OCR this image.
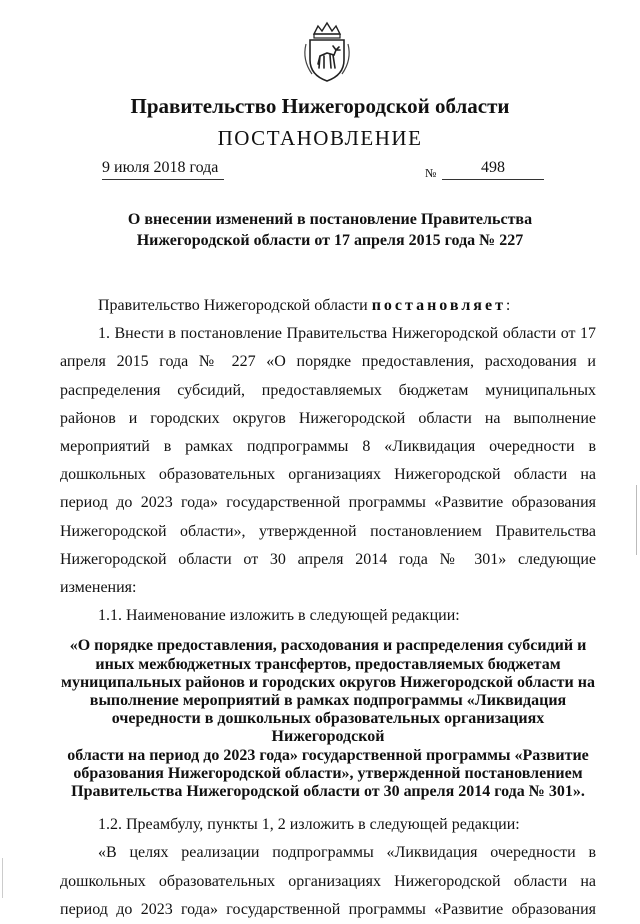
Правительство Нижегородской области
ПОСТАНОВЛЕНИЕ
9 июля 2018 года	№	498
О внесении изменений в постановление Правительства
Нижегородской области от 17 апреля 2015 года № 227

Правительство Нижегородской области постановляет:

1. Внести в постановление Правительства Нижегородской области от 17 апреля 2015 года № 227 «О порядке предоставления, расходования и распределения субсидий, предоставляемых бюджетам муниципальных районов и городских округов Нижегородской области на выполнение мероприятий в рамках подпрограммы 8 «Ликвидация очередности в дошкольных образовательных организациях Нижегородской области на период до 2023 года» государственной программы «Развитие образования Нижегородской области», утвержденной постановлением Правительства Нижегородской области от 30 апреля 2014 года № 301» следующие изменения:

1.1. Наименование изложить в следующей редакции:

«О порядке предоставления, расходования и распределения субсидий и
иных межбюджетных трансфертов, предоставляемых бюджетам
муниципальных районов и городских округов Нижегородской области на
выполнение мероприятий в рамках подпрограммы «Ликвидация
очередности в дошкольных образовательных организациях Нижегородской
области на период до 2023 года» государственной программы «Развитие
образования Нижегородской области», утвержденной постановлением
Правительства Нижегородской области от 30 апреля 2014 года № 301».

1.2. Преамбулу, пункты 1, 2 изложить в следующей редакции:

«В целях реализации подпрограммы «Ликвидация очередности в дошкольных образовательных организациях Нижегородской области на период до 2023 года» государственной программы «Развитие образования
